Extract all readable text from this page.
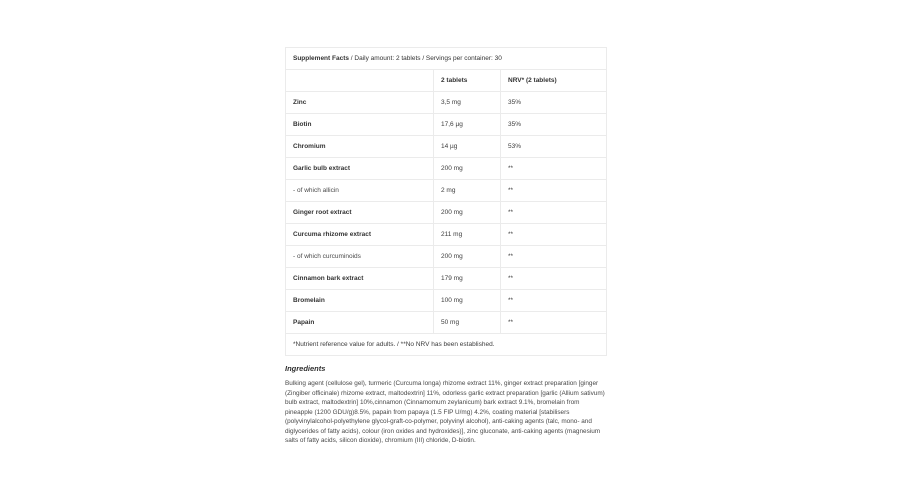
Supplement Facts / Daily amount: 2 tablets / Servings per container: 30		
	2 tablets	NRV* (2 tablets)
Zinc	3,5 mg	35%
Biotin	17,6 µg	35%
Chromium	14 µg	53%
Garlic bulb extract	200 mg	**
- of which allicin	2 mg	**
Ginger root extract	200 mg	**
Curcuma rhizome extract	211 mg	**
- of which curcuminoids	200 mg	**
Cinnamon bark extract	179 mg	**
Bromelain	100 mg	**
Papain	50 mg	**
*Nutrient reference value for adults. / **No NRV has been established.		
Ingredients
Bulking agent (cellulose gel), turmeric (Curcuma longa) rhizome extract 11%, ginger extract preparation [ginger (Zingiber officinale) rhizome extract, maltodextrin] 11%, odorless garlic extract preparation [garlic (Allium sativum) bulb extract, maltodextrin] 10%,cinnamon (Cinnamomum zeylanicum) bark extract 9.1%, bromelain from pineapple (1200 GDU/g)8.5%, papain from papaya (1.5 FIP U/mg) 4.2%, coating material [stabilisers (polyvinylalcohol-polyethylene glycol-graft-co-polymer, polyvinyl alcohol), anti-caking agents (talc, mono- and diglycerides of fatty acids), colour (iron oxides and hydroxides)], zinc gluconate, anti-caking agents (magnesium salts of fatty acids, silicon dioxide), chromium (III) chloride, D-biotin.
